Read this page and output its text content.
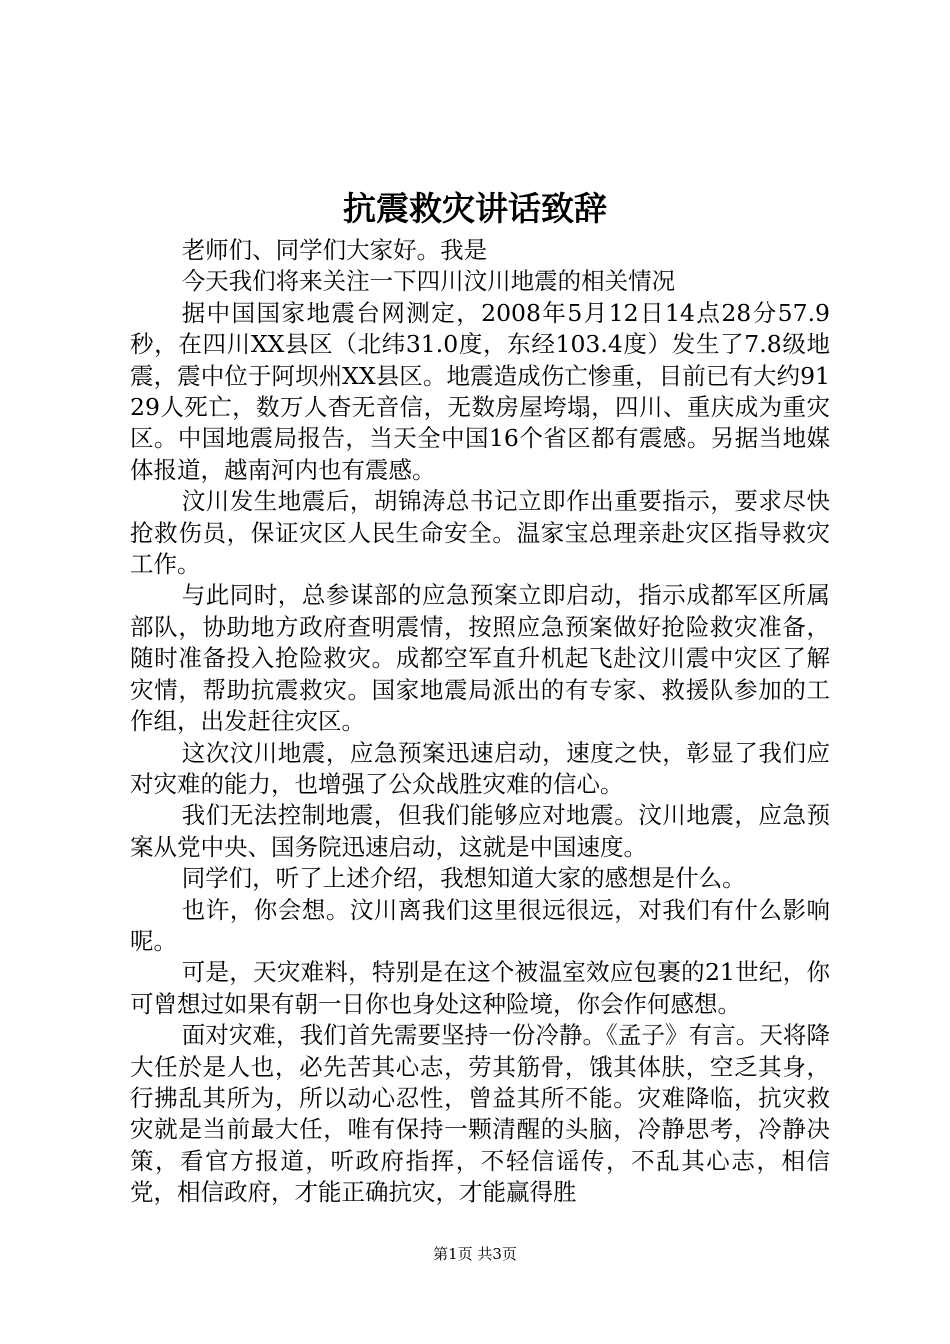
抗震救灾讲话致辞

老师们、同学们大家好。我是

今天我们将来关注一下四川汶川地震的相关情况

据中国国家地震台网测定，2008年5月12日14点28分57.9秒，在四川XX县区（北纬31.0度，东经103.4度）发生了7.8级地震，震中位于阿坝州XX县区。地震造成伤亡惨重，目前已有大约9129人死亡，数万人杳无音信，无数房屋垮塌，四川、重庆成为重灾区。中国地震局报告，当天全中国16个省区都有震感。另据当地媒体报道，越南河内也有震感。

汶川发生地震后，胡锦涛总书记立即作出重要指示，要求尽快抢救伤员，保证灾区人民生命安全。温家宝总理亲赴灾区指导救灾工作。

与此同时，总参谋部的应急预案立即启动，指示成都军区所属部队，协助地方政府查明震情，按照应急预案做好抢险救灾准备，随时准备投入抢险救灾。成都空军直升机起飞赴汶川震中灾区了解灾情，帮助抗震救灾。国家地震局派出的有专家、救援队参加的工作组，出发赶往灾区。

这次汶川地震，应急预案迅速启动，速度之快，彰显了我们应对灾难的能力，也增强了公众战胜灾难的信心。

我们无法控制地震，但我们能够应对地震。汶川地震，应急预案从党中央、国务院迅速启动，这就是中国速度。

同学们，听了上述介绍，我想知道大家的感想是什么。

也许，你会想。汶川离我们这里很远很远，对我们有什么影响呢。

可是，天灾难料，特别是在这个被温室效应包裹的21世纪，你可曾想过如果有朝一日你也身处这种险境，你会作何感想。

面对灾难，我们首先需要坚持一份冷静。《孟子》有言。天将降大任於是人也，必先苦其心志，劳其筋骨，饿其体肤，空乏其身，行拂乱其所为，所以动心忍性，曾益其所不能。灾难降临，抗灾救灾就是当前最大任，唯有保持一颗清醒的头脑，冷静思考，冷静决策，看官方报道，听政府指挥，不轻信谣传，不乱其心志，相信党，相信政府，才能正确抗灾，才能赢得胜

第1页 共3页
